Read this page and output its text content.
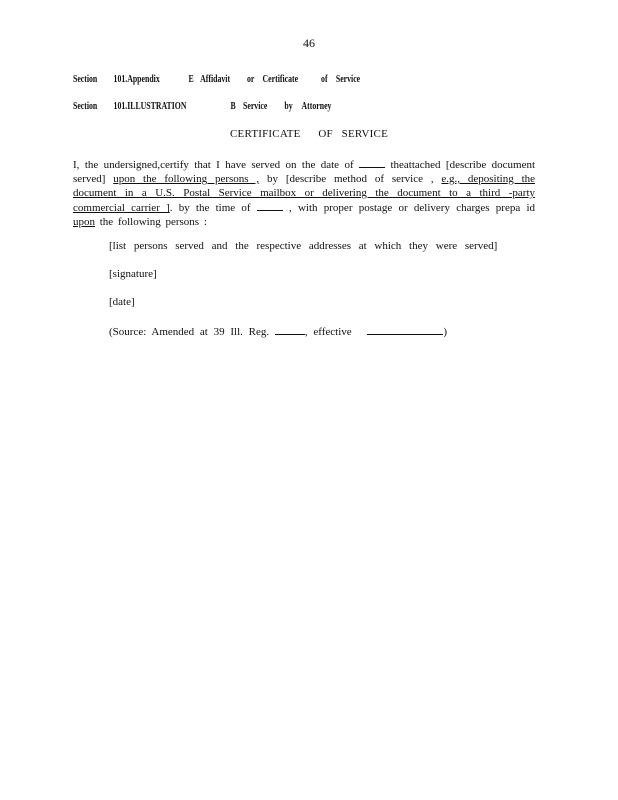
46
Section 101.Appendix	E Affidavit or Certificate of Service
Section 101.ILLUSTRATION	B Service by Attorney
CERTIFICATE OF SERVICE
I, the undersigned,certify that I have served on the date of	theattached [describe document served] upon the following persons , by [describe method of service , e.g., depositing the document in a U.S. Postal Service mailbox or delivering the document to a third -party commercial carrier ]. by the time of	, with proper postage or delivery charges prepa id upon the following persons :
[list persons served and the respective addresses at which they were served]
[signature]
[date]
(Source: Amended at 39 Ill. Reg.	, effective	)
